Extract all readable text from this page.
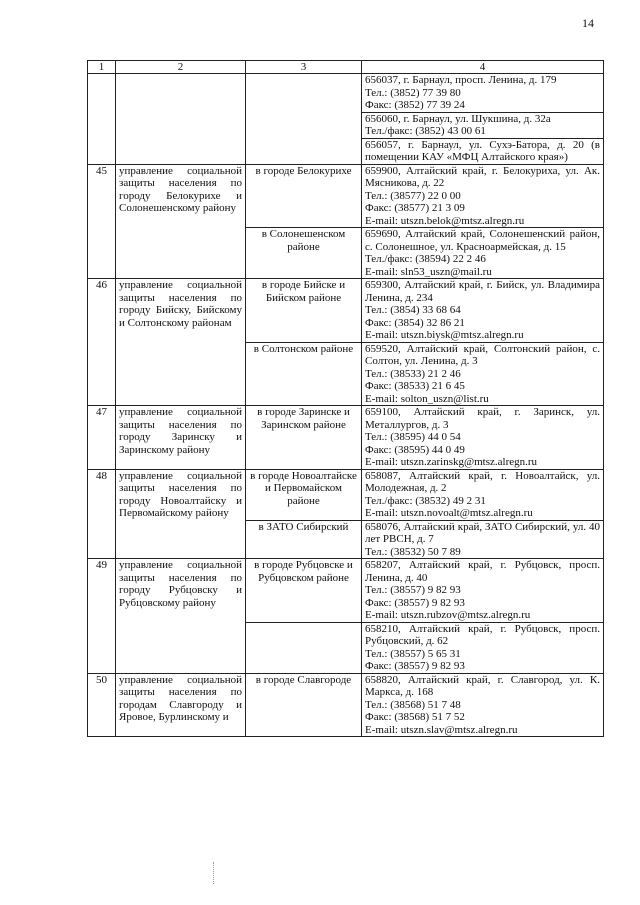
14
1	2	3	4

			656037, г. Барнаул, просп. Ленина, д. 179
Тел.: (3852) 77 39 80
Факс: (3852) 77 39 24

			656060, г. Барнаул, ул. Шукшина, д. 32а
Тел./факс: (3852) 43 00 61

			656057, г. Барнаул, ул. Сухэ-Батора, д. 20 (в помещении КАУ «МФЦ Алтайского края»)

45	управление социальной защиты населения по городу Белокурихе и Солонешенскому району	в городе Белокурихе	659900, Алтайский край, г. Белокуриха, ул. Ак. Мясникова, д. 22
Тел.: (38577) 22 0 00
Факс: (38577) 21 3 09
E-mail: utszn.belok@mtsz.alregn.ru

		в Солонешенском районе	659690, Алтайский край, Солонешенский район, с. Солонешное, ул. Красноармейская, д. 15
Тел./факс: (38594) 22 2 46
E-mail: sln53_uszn@mail.ru

46	управление социальной защиты населения по городу Бийску, Бийскому и Солтонскому районам	в городе Бийске и Бийском районе	659300, Алтайский край, г. Бийск, ул. Владимира Ленина, д. 234
Тел.: (3854) 33 68 64
Факс: (3854) 32 86 21
E-mail: utszn.biysk@mtsz.alregn.ru

		в Солтонском районе	659520, Алтайский край, Солтонский район, с. Солтон, ул. Ленина, д. 3
Тел.: (38533) 21 2 46
Факс: (38533) 21 6 45
E-mail: solton_uszn@list.ru

47	управление социальной защиты населения по городу Заринску и Заринскому району	в городе Заринске и Заринском районе	659100, Алтайский край, г. Заринск, ул. Металлургов, д. 3
Тел.: (38595) 44 0 54
Факс: (38595) 44 0 49
E-mail: utszn.zarinskg@mtsz.alregn.ru

48	управление социальной защиты населения по городу Новоалтайску и Первомайскому району	в городе Новоалтайске и Первомайском районе	658087, Алтайский край, г. Новоалтайск, ул. Молодежная, д. 2
Тел./факс: (38532) 49 2 31
E-mail: utszn.novoalt@mtsz.alregn.ru

		в ЗАТО Сибирский	658076, Алтайский край, ЗАТО Сибирский, ул. 40 лет РВСН, д. 7
Тел.: (38532) 50 7 89

49	управление социальной защиты населения по городу Рубцовску и Рубцовскому району	в городе Рубцовске и Рубцовском районе	658207, Алтайский край, г. Рубцовск, просп. Ленина, д. 40
Тел.: (38557) 9 82 93
Факс: (38557) 9 82 93
E-mail: utszn.rubzov@mtsz.alregn.ru

			658210, Алтайский край, г. Рубцовск, просп. Рубцовский, д. 62
Тел.: (38557) 5 65 31
Факс: (38557) 9 82 93

50	управление социальной защиты населения по городам Славгороду и Яровое, Бурлинскому и	в городе Славгороде	658820, Алтайский край, г. Славгород, ул. К. Маркса, д. 168
Тел.: (38568) 51 7 48
Факс: (38568) 51 7 52
E-mail: utszn.slav@mtsz.alregn.ru
